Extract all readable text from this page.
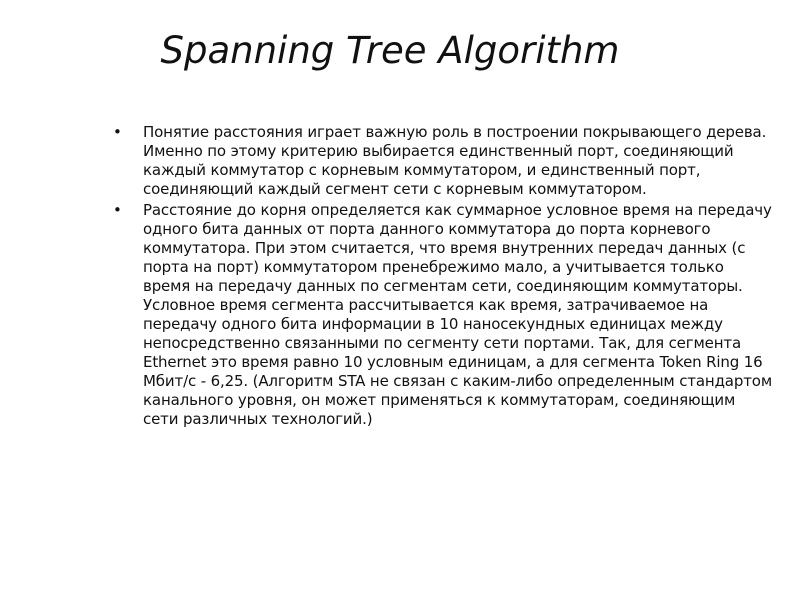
Spanning Tree Algorithm
• Понятие расстояния играет важную роль в построении покрывающего дерева. Именно по этому критерию выбирается единственный порт, соединяющий каждый коммутатор с корневым коммутатором, и единственный порт, соединяющий каждый сегмент сети с корневым коммутатором.
• Расстояние до корня определяется как суммарное условное время на передачу одного бита данных от порта данного коммутатора до порта корневого коммутатора. При этом считается, что время внутренних передач данных (с порта на порт) коммутатором пренебрежимо мало, а учитывается только время на передачу данных по сегментам сети, соединяющим коммутаторы. Условное время сегмента рассчитывается как время, затрачиваемое на передачу одного бита информации в 10 наносекундных единицах между непосредственно связанными по сегменту сети портами. Так, для сегмента Ethernet это время равно 10 условным единицам, а для сегмента Token Ring 16 Мбит/с - 6,25. (Алгоритм STA не связан с каким-либо определенным стандартом канального уровня, он может применяться к коммутаторам, соединяющим сети различных технологий.)
